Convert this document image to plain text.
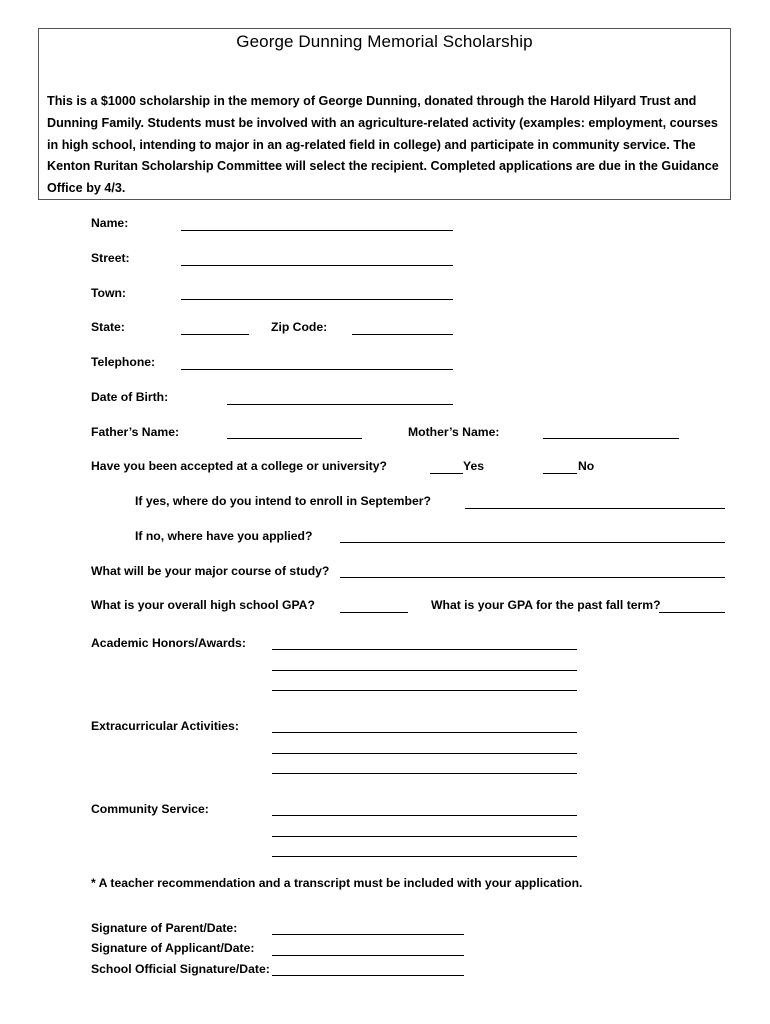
George Dunning Memorial Scholarship
This is a $1000 scholarship in the memory of George Dunning, donated through the Harold Hilyard Trust and Dunning Family. Students must be involved with an agriculture-related activity (examples: employment, courses in high school, intending to major in an ag-related field in college) and participate in community service. The Kenton Ruritan Scholarship Committee will select the recipient. Completed applications are due in the Guidance Office by 4/3.
Name:
Street:
Town:
State:	Zip Code:
Telephone:
Date of Birth:
Father’s Name:	Mother’s Name:
Have you been accepted at a college or university?	Yes	No
If yes, where do you intend to enroll in September?
If no, where have you applied?
What will be your major course of study?
What is your overall high school GPA?	What is your GPA for the past fall term?
Academic Honors/Awards:
Extracurricular Activities:
Community Service:
* A teacher recommendation and a transcript must be included with your application.
Signature of Parent/Date:
Signature of Applicant/Date:
School Official Signature/Date:
